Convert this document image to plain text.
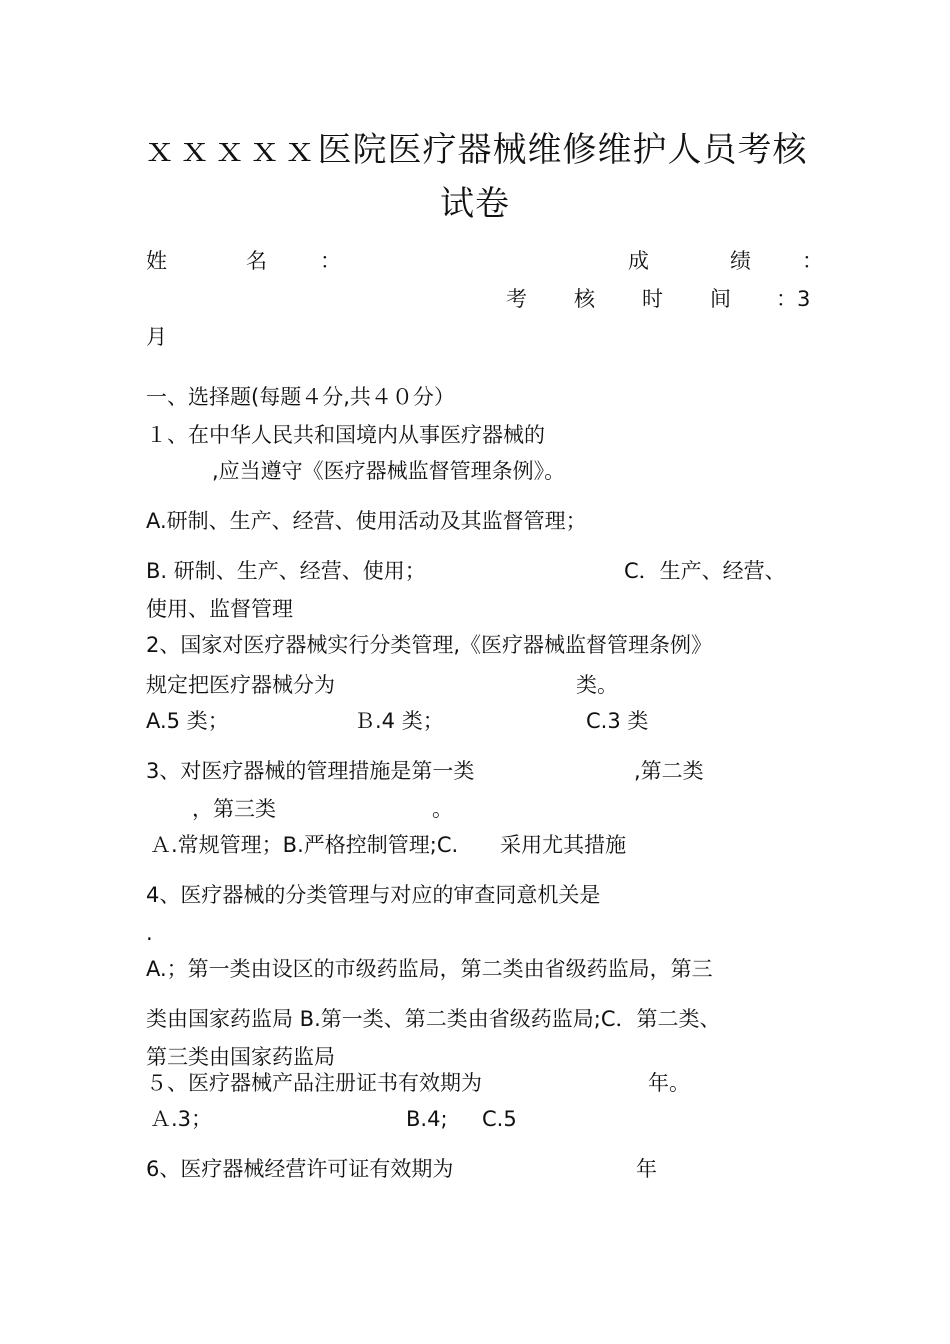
ｘｘｘｘｘ医院医疗器械维修维护人员考核
试卷
姓	名	：	成	绩 ：
考 核 时 间 ：3
月
一、选择题(每题４分,共４０分）
１、在中华人民共和国境内从事医疗器械的
,应当遵守《医疗器械监督管理条例》。
A.研制、生产、经营、使用活动及其监督管理；
B. 研制、生产、经营、使用；	C．生产、经营、
使用、监督管理
2、国家对医疗器械实行分类管理,《医疗器械监督管理条例》
规定把医疗器械分为	类。
A.5 类；	Ｂ.4 类；	C.3 类
3、对医疗器械的管理措施是第一类	,第二类
，第三类	。
Ａ.常规管理；B.严格控制管理;C.　　采用尤其措施
4、医疗器械的分类管理与对应的审查同意机关是
.
A.；第一类由设区的市级药监局，第二类由省级药监局，第三
类由国家药监局 B.第一类、第二类由省级药监局;C．第二类、
第三类由国家药监局
５、医疗器械产品注册证书有效期为	年。
Ａ.3；	B.4; C.5
6、医疗器械经营许可证有效期为	年
